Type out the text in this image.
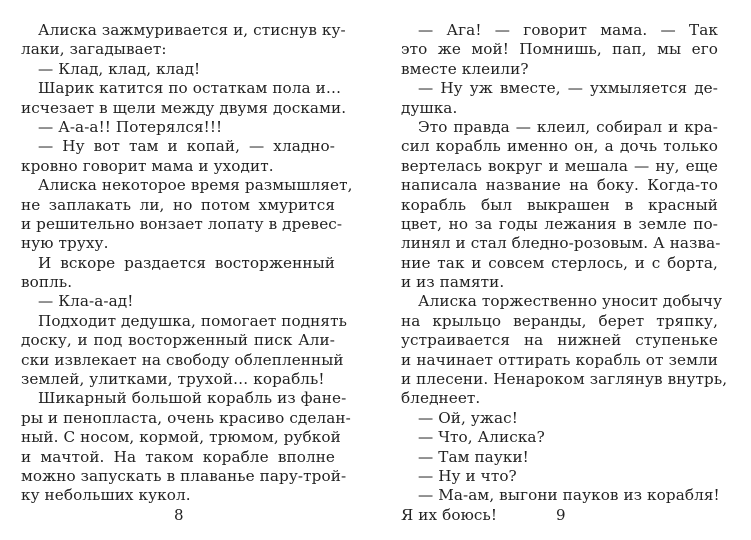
Алиска зажмуривается и, стиснув ку-
лаки, загадывает:
— Клад, клад, клад!
Шарик катится по остаткам пола и…
исчезает в щели между двумя досками.
— А-а-а!! Потерялся!!!
— Ну вот там и копай, — хладно-
кровно говорит мама и уходит.
Алиска некоторое время размышляет,
не заплакать ли, но потом хмурится
и решительно вонзает лопату в древес-
ную труху.
И вскоре раздается восторженный
вопль.
— Кла-а-ад!
Подходит дедушка, помогает поднять
доску, и под восторженный писк Али-
ски извлекает на свободу облепленный
землей, улитками, трухой… корабль!
Шикарный большой корабль из фане-
ры и пенопласта, очень красиво сделан-
ный. С носом, кормой, трюмом, рубкой
и мачтой. На таком корабле вполне
можно запускать в плаванье пару-трой-
ку небольших кукол.
8
— Ага! — говорит мама. — Так
это же мой! Помнишь, пап, мы его
вместе клеили?
— Ну уж вместе, — ухмыляется де-
душка.
Это правда — клеил, собирал и кра-
сил корабль именно он, а дочь только
вертелась вокруг и мешала — ну, еще
написала название на боку. Когда-то
корабль был выкрашен в красный
цвет, но за годы лежания в земле по-
линял и стал бледно-розовым. А назва-
ние так и совсем стерлось, и с борта,
и из памяти.
Алиска торжественно уносит добычу
на крыльцо веранды, берет тряпку,
устраивается на нижней ступеньке
и начинает оттирать корабль от земли
и плесени. Ненароком заглянув внутрь,
бледнеет.
— Ой, ужас!
— Что, Алиска?
— Там пауки!
— Ну и что?
— Ма-ам, выгони пауков из корабля!
Я их боюсь!	9
